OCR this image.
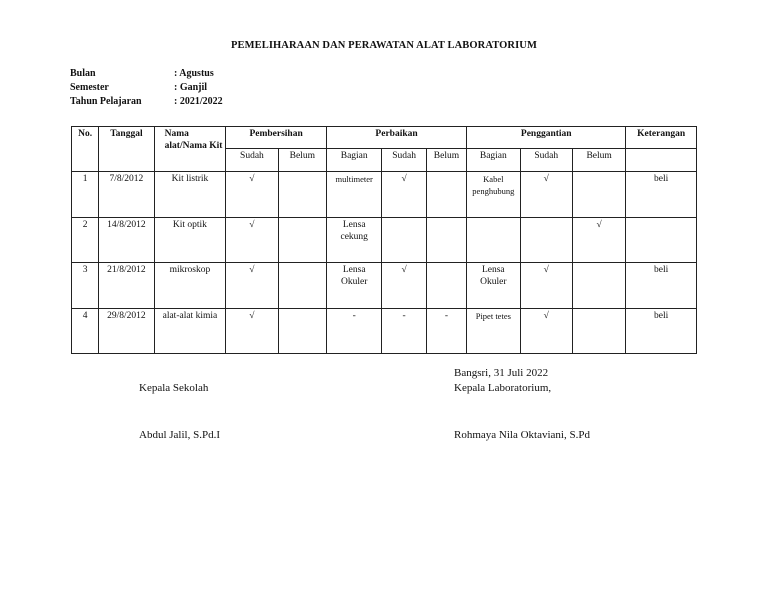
PEMELIHARAAN DAN PERAWATAN ALAT LABORATORIUM
Bulan	: Agustus
Semester	: Ganjil
Tahun Pelajaran	: 2021/2022
No.	Tanggal	Nama alat/Nama Kit	Pembersihan		Perbaikan			Penggantian			Keterangan
			Sudah	Belum	Bagian	Sudah	Belum	Bagian	Sudah	Belum	
1	7/8/2012	Kit listrik	√		multimeter	√		Kabel penghubung	√		beli
2	14/8/2012	Kit optik	√		Lensa cekung					√	
3	21/8/2012	mikroskop	√		Lensa Okuler	√		Lensa Okuler	√		beli
4	29/8/2012	alat-alat kimia	√		-	-	-	Pipet tetes	√		beli
Bangsri, 31 Juli 2022
Kepala Sekolah	Kepala Laboratorium,
Abdul Jalil, S.Pd.I	Rohmaya Nila Oktaviani, S.Pd
